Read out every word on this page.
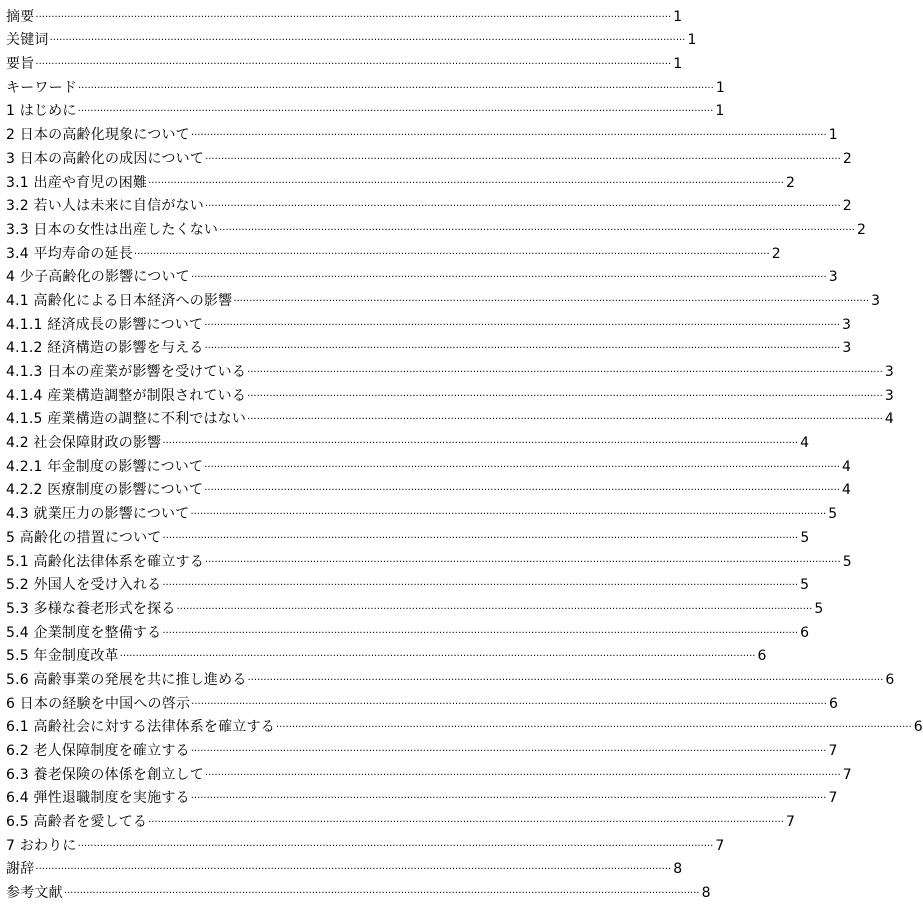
摘要 ········································································································································································································ 1
关键词 ········································································································································································································ 1
要旨 ········································································································································································································ 1
キーワード ········································································································································································································ 1
1 はじめに ········································································································································································································ 1
2 日本の高齢化現象について ········································································································································································································ 1
3 日本の高齢化の成因について ········································································································································································································ 2
3.1 出産や育児の困難 ········································································································································································································ 2
3.2 若い人は未来に自信がない ········································································································································································································ 2
3.3 日本の女性は出産したくない ········································································································································································································ 2
3.4 平均寿命の延長 ········································································································································································································ 2
4 少子高齢化の影響について ········································································································································································································ 3
4.1 高齢化による日本経済への影響 ········································································································································································································ 3
4.1.1 経済成長の影響について ········································································································································································································ 3
4.1.2 経済構造の影響を与える ········································································································································································································ 3
4.1.3 日本の産業が影響を受けている ········································································································································································································ 3
4.1.4 産業構造調整が制限されている ········································································································································································································ 3
4.1.5 産業構造の調整に不利ではない ········································································································································································································ 4
4.2 社会保障財政の影響 ········································································································································································································ 4
4.2.1 年金制度の影響について ········································································································································································································ 4
4.2.2 医療制度の影響について ········································································································································································································ 4
4.3 就業圧力の影響について ········································································································································································································ 5
5 高齢化の措置について ········································································································································································································ 5
5.1 高齢化法律体系を確立する ········································································································································································································ 5
5.2 外国人を受け入れる ········································································································································································································ 5
5.3 多様な養老形式を探る ········································································································································································································ 5
5.4 企業制度を整備する ········································································································································································································ 6
5.5 年金制度改革 ········································································································································································································ 6
5.6 高齢事業の発展を共に推し進める ········································································································································································································ 6
6 日本の経験を中国への啓示 ········································································································································································································ 6
6.1 高齢社会に対する法律体系を確立する ········································································································································································································ 6
6.2 老人保障制度を確立する ········································································································································································································ 7
6.3 養老保険の体係を創立して ········································································································································································································ 7
6.4 弾性退職制度を実施する ········································································································································································································ 7
6.5 高齢者を愛してる ········································································································································································································ 7
7 おわりに ········································································································································································································ 7
謝辞 ········································································································································································································ 8
参考文献 ········································································································································································································ 8
